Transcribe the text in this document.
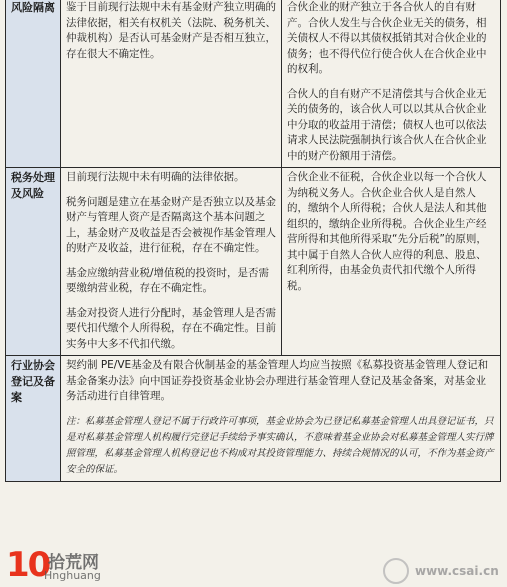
风险隔离	鉴于目前现行法规中未有基金财产独立明确的法律依据，相关有权机关（法院、税务机关、仲裁机构）是否认可基金财产是否相互独立，存在很大不确定性。	合伙企业的财产独立于各合伙人的自有财产。合伙人发生与合伙企业无关的债务，相关债权人不得以其债权抵销其对合伙企业的债务；也不得代位行使合伙人在合伙企业中的权利。

合伙人的自有财产不足清偿其与合伙企业无关的债务的，该合伙人可以以其从合伙企业中分取的收益用于清偿；债权人也可以依法请求人民法院强制执行该合伙人在合伙企业中的财产份额用于清偿。

税务处理及风险	目前现行法规中未有明确的法律依据。

税务问题是建立在基金财产是否独立以及基金财产与管理人资产是否隔离这个基本问题之上，基金财产及收益是否会被视作基金管理人的财产及收益，进行征税，存在不确定性。

基金应缴纳营业税/增值税的投资时，是否需要缴纳营业税，存在不确定性。

基金对投资人进行分配时，基金管理人是否需要代扣代缴个人所得税，存在不确定性。目前实务中大多不代扣代缴。	合伙企业不征税，合伙企业以每一个合伙人为纳税义务人。合伙企业合伙人是自然人的，缴纳个人所得税；合伙人是法人和其他组织的，缴纳企业所得税。合伙企业生产经营所得和其他所得采取“先分后税”的原则，其中属于自然人合伙人应得的利息、股息、红利所得，由基金负责代扣代缴个人所得税。

行业协会登记及备案	契约制 PE/VE基金及有限合伙制基金的基金管理人均应当按照《私募投资基金管理人登记和基金备案办法》向中国证券投资基金业协会办理进行基金管理人登记及基金备案，对基金业务活动进行自律管理。

注：私募基金管理人登记不属于行政许可事项，基金业协会为已登记私募基金管理人出具登记证书，只是对私募基金管理人机构履行完登记手续给予事实确认，不意味着基金业协会对私募基金管理人实行牌照管理，私募基金管理人机构登记也不构成对其投资管理能力、持续合规情况的认可，不作为基金资产安全的保证。	

10
拾荒网
Hnghuang	www.csai.cn
